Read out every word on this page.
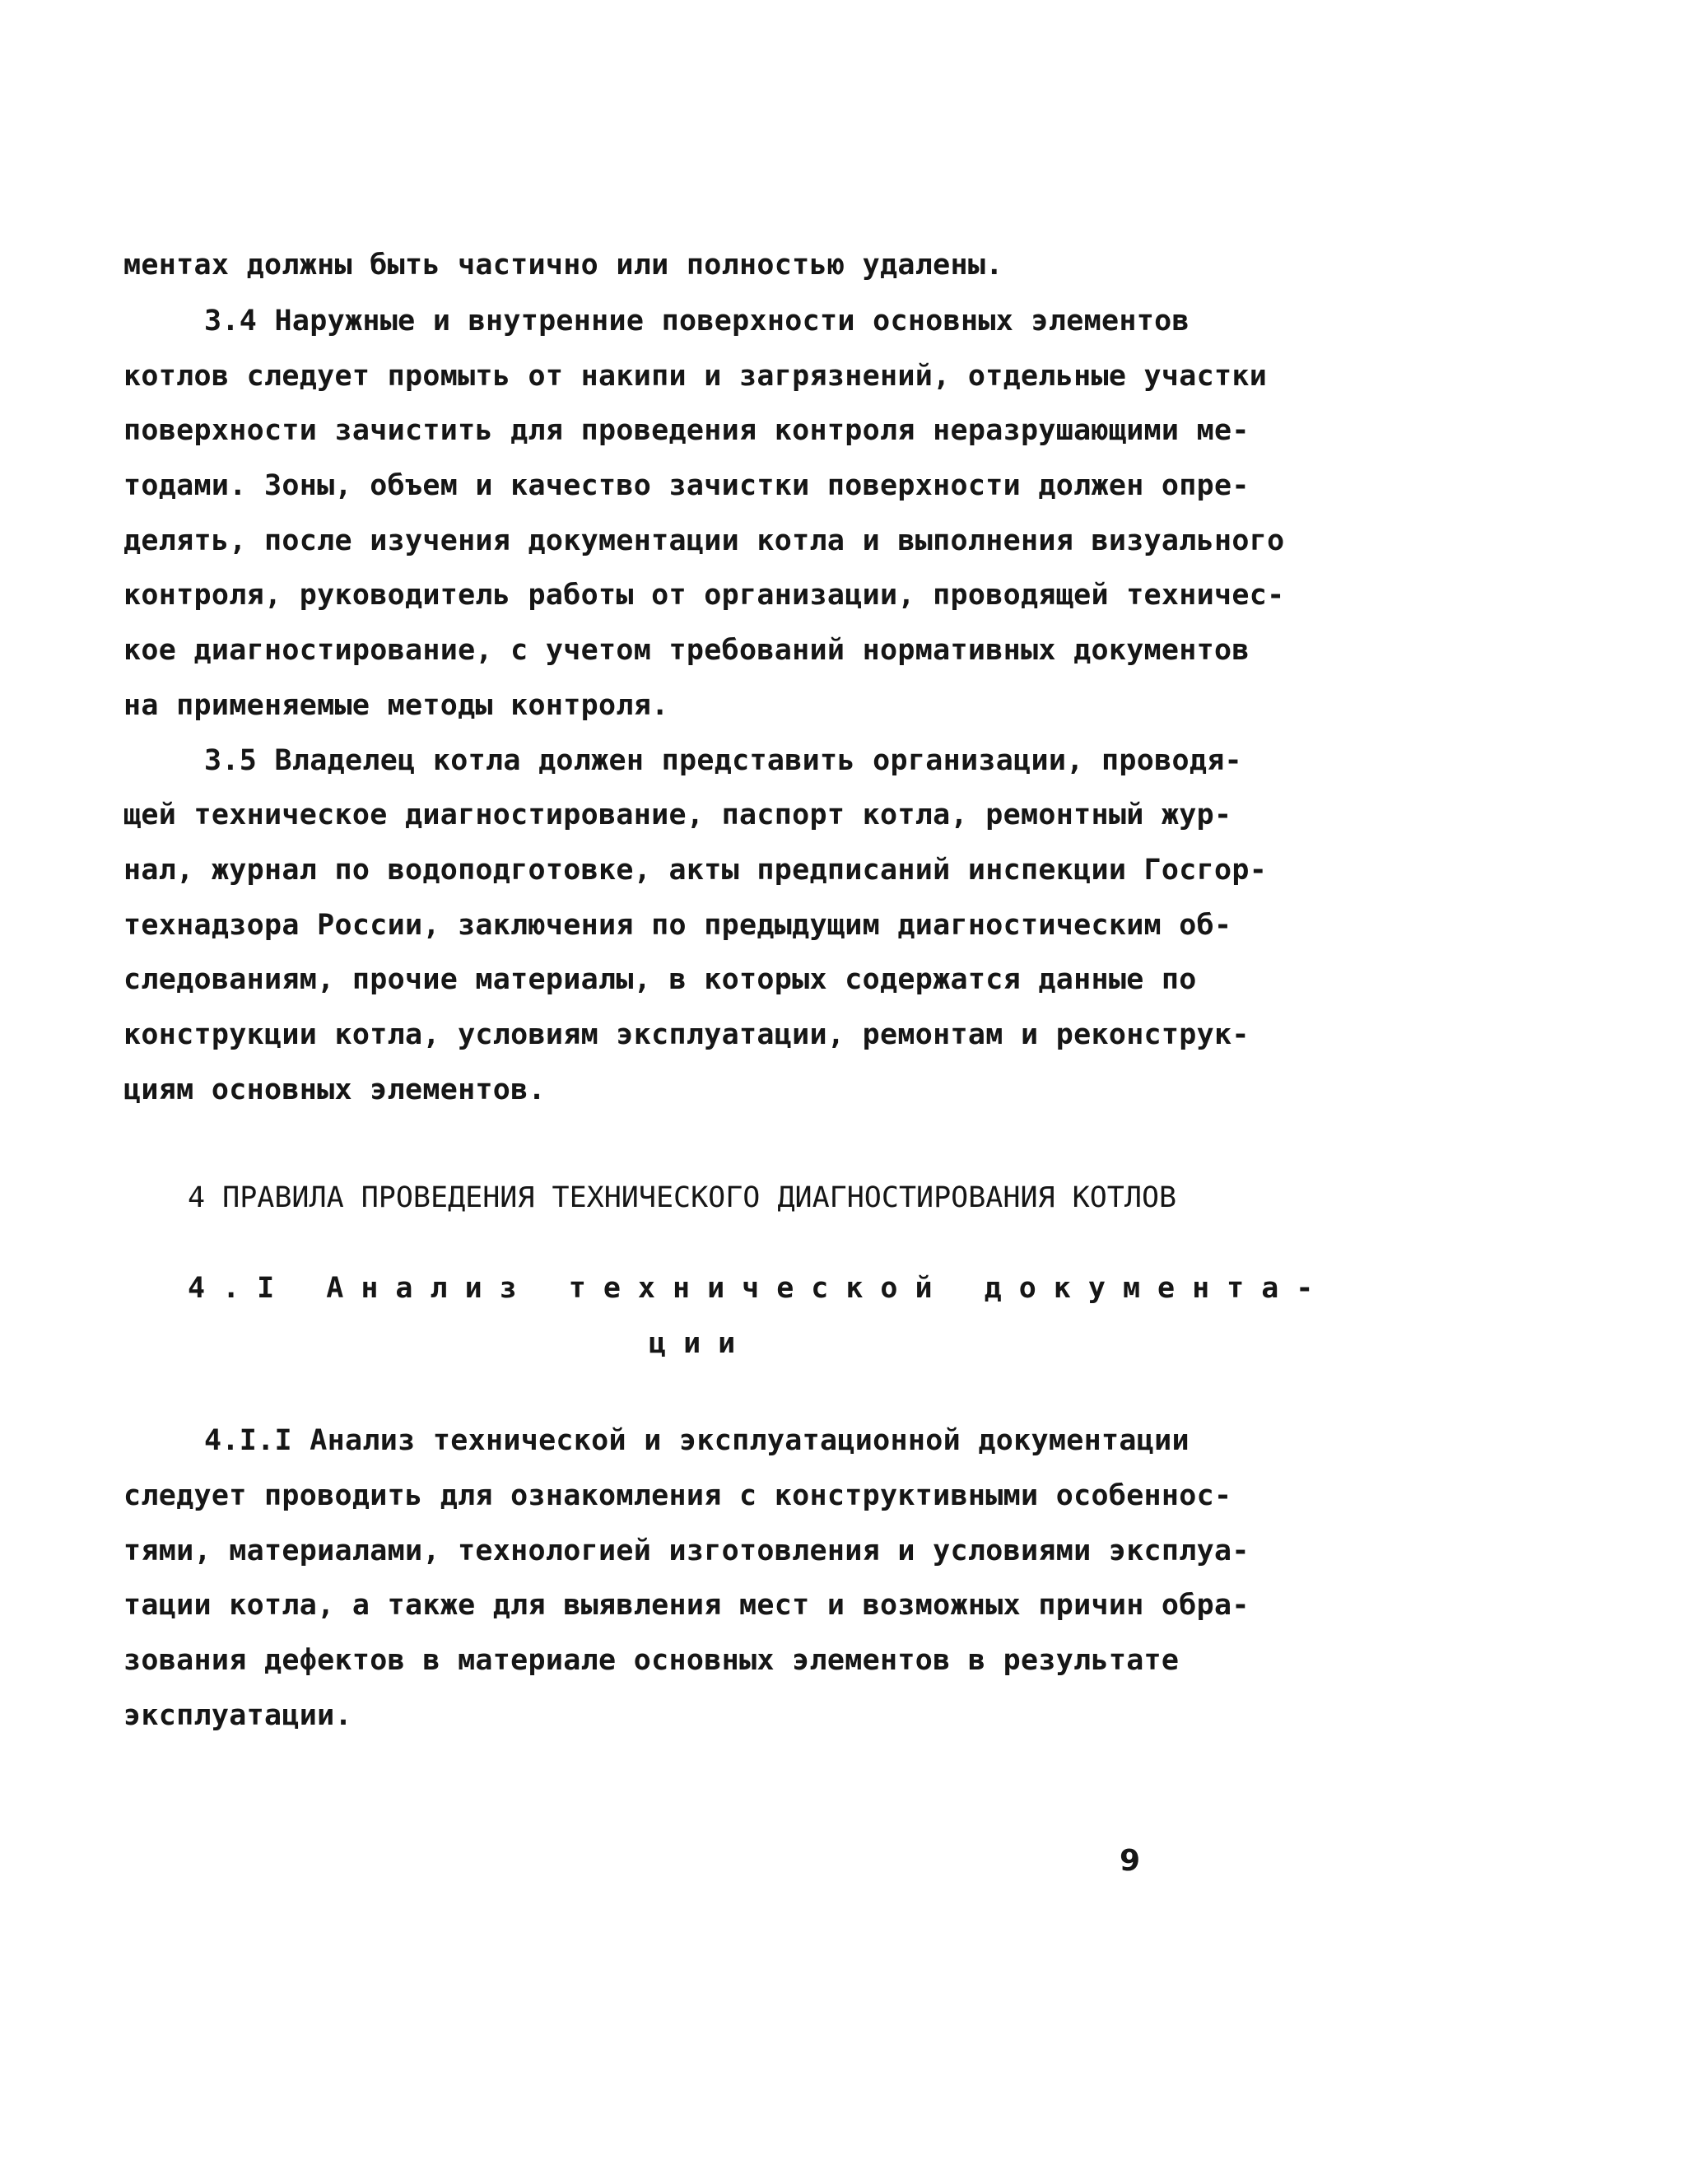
ментах должны быть частично или полностью удалены.
3.4 Наружные и внутренние поверхности основных элементов
котлов следует промыть от накипи и загрязнений, отдельные участки
поверхности зачистить для проведения контроля неразрушающими ме-
тодами. Зоны, объем и качество зачистки поверхности должен опре-
делять, после изучения документации котла и выполнения визуального
контроля, руководитель работы от организации, проводящей техничес-
кое диагностирование, с учетом требований нормативных документов
на применяемые методы контроля.
3.5 Владелец котла должен представить организации, проводя-
щей техническое диагностирование, паспорт котла, ремонтный жур-
нал, журнал по водоподготовке, акты предписаний инспекции Госгор-
технадзора России, заключения по предыдущим диагностическим об-
следованиям, прочие материалы, в которых содержатся данные по
конструкции котла, условиям эксплуатации, ремонтам и реконструк-
циям основных элементов.
4 ПРАВИЛА ПРОВЕДЕНИЯ ТЕХНИЧЕСКОГО ДИАГНОСТИРОВАНИЯ КОТЛОВ
4.I Анализ технической документа-
ции
4.I.I Анализ технической и эксплуатационной документации
следует проводить для ознакомления с конструктивными особеннос-
тями, материалами, технологией изготовления и условиями эксплуа-
тации котла, а также для выявления мест и возможных причин обра-
зования дефектов в материале основных элементов в результате
эксплуатации.
9
